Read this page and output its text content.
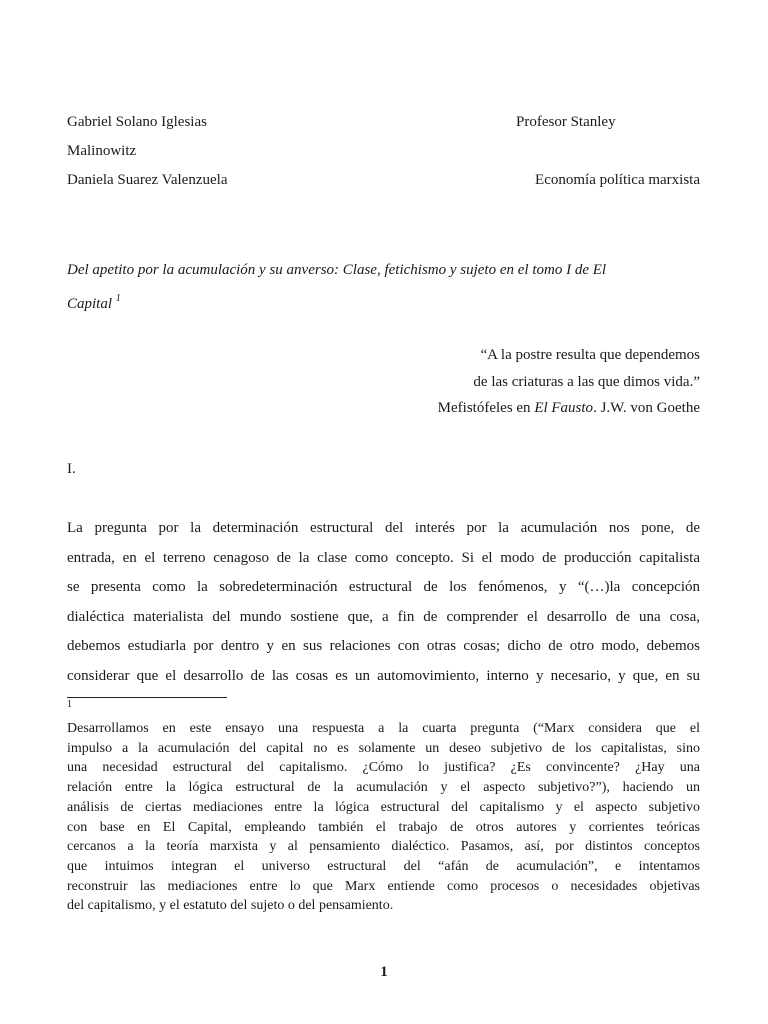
Gabriel Solano Iglesias	Profesor Stanley
Malinowitz
Daniela Suarez Valenzuela	Economía política marxista
Del apetito por la acumulación y su anverso: Clase, fetichismo y sujeto en el tomo I de El
Capital $^1$
“A la postre resulta que dependemos
de las criaturas a las que dimos vida.”
Mefistófeles en El Fausto. J.W. von Goethe
I.
La pregunta por la determinación estructural del interés por la acumulación nos pone, de
entrada, en el terreno cenagoso de la clase como concepto. Si el modo de producción capitalista
se presenta como la sobredeterminación estructural de los fenómenos, y “(…)la concepción
dialéctica materialista del mundo sostiene que, a fin de comprender el desarrollo de una cosa,
debemos estudiarla por dentro y en sus relaciones con otras cosas; dicho de otro modo, debemos
considerar que el desarrollo de las cosas es un automovimiento, interno y necesario, y que, en su
1
Desarrollamos en este ensayo una respuesta a la cuarta pregunta (“Marx considera que el
impulso a la acumulación del capital no es solamente un deseo subjetivo de los capitalistas, sino
una necesidad estructural del capitalismo. ¿Cómo lo justifica? ¿Es convincente? ¿Hay una
relación entre la lógica estructural de la acumulación y el aspecto subjetivo?”), haciendo un
análisis de ciertas mediaciones entre la lógica estructural del capitalismo y el aspecto subjetivo
con base en El Capital, empleando también el trabajo de otros autores y corrientes teóricas
cercanos a la teoría marxista y al pensamiento dialéctico. Pasamos, así, por distintos conceptos
que intuimos integran el universo estructural del “afán de acumulación”, e intentamos
reconstruir las mediaciones entre lo que Marx entiende como procesos o necesidades objetivas
del capitalismo, y el estatuto del sujeto o del pensamiento.
1
